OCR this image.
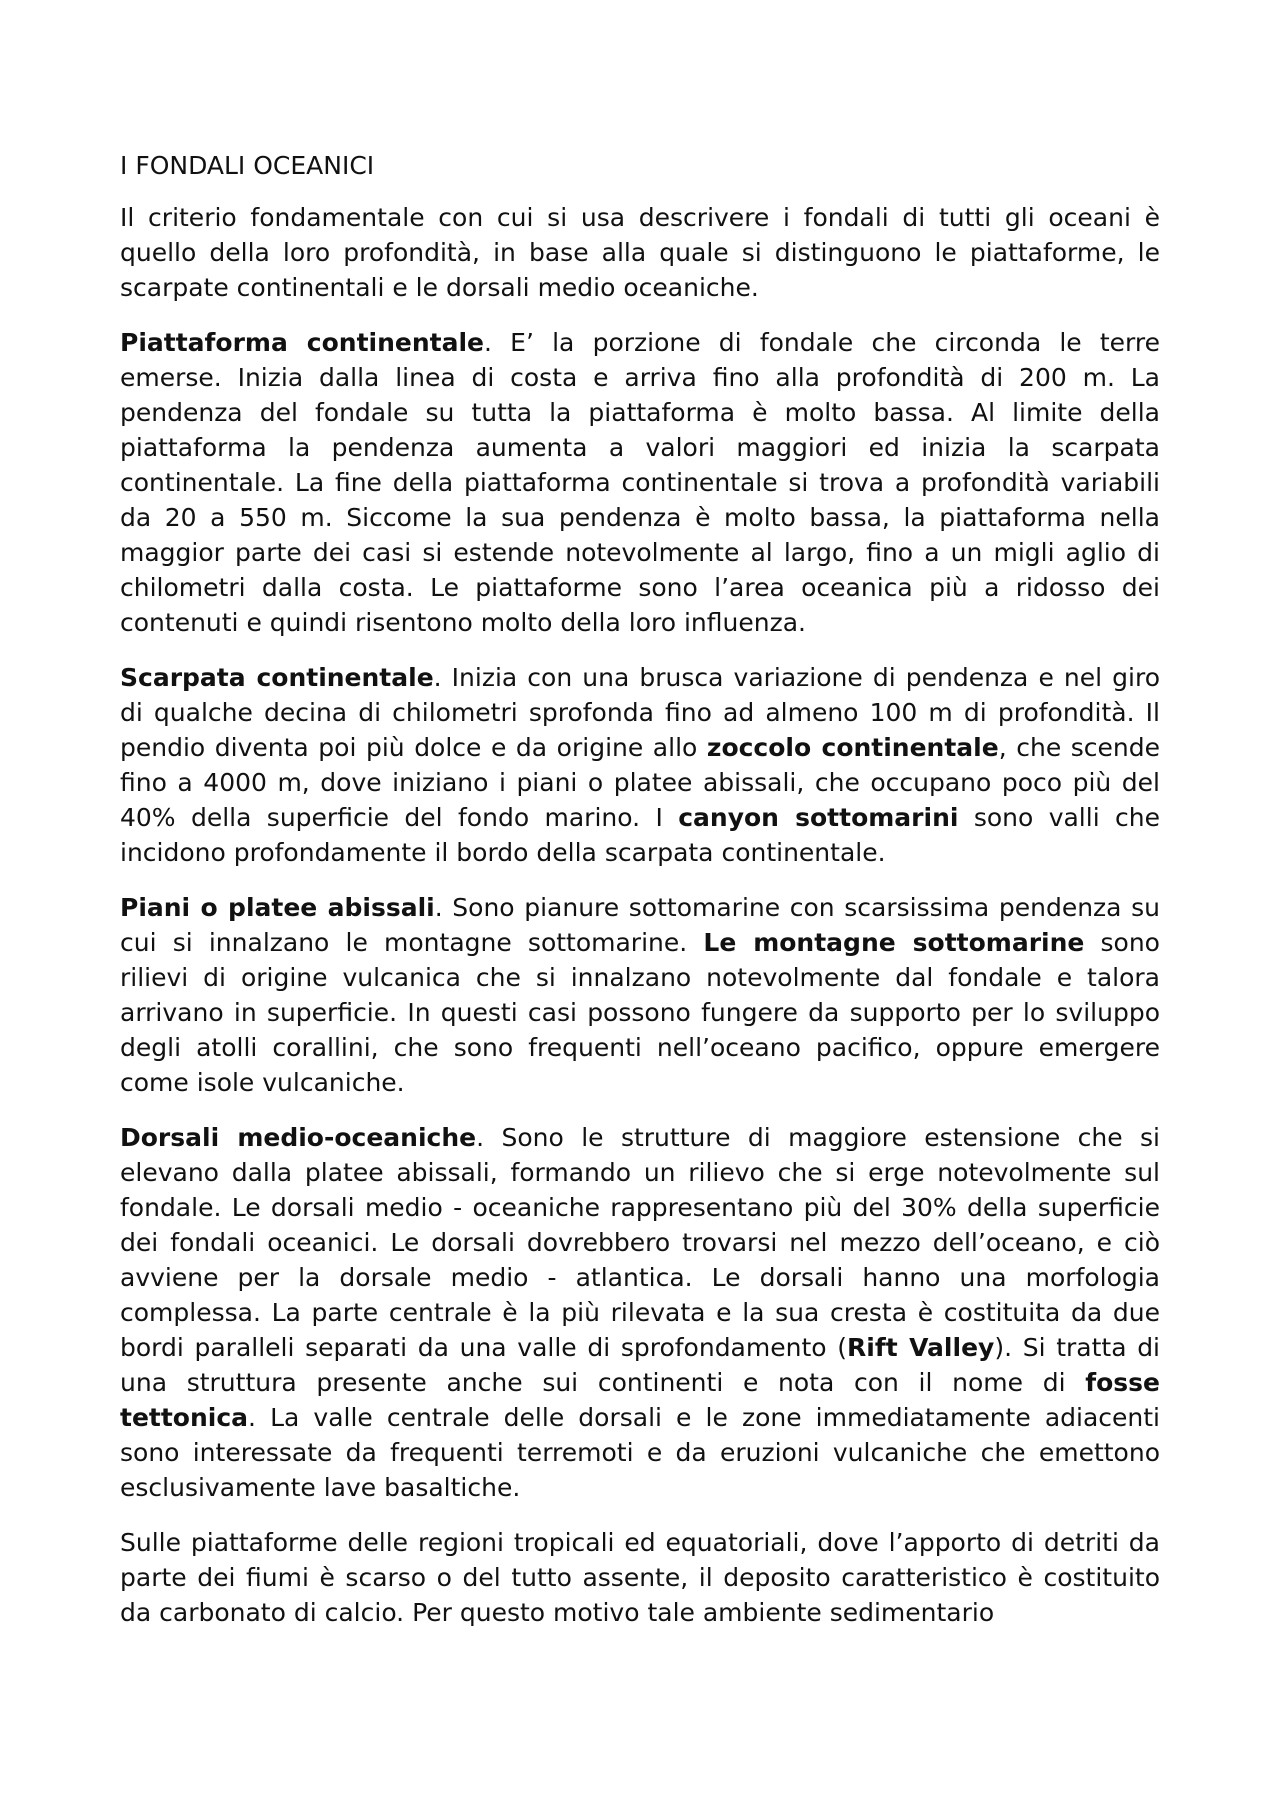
I FONDALI OCEANICI

Il criterio fondamentale con cui si usa descrivere i fondali di tutti gli oceani è quello della loro profondità, in base alla quale si distinguono le piattaforme, le scarpate continentali e le dorsali medio oceaniche.

Piattaforma continentale. E’ la porzione di fondale che circonda le terre emerse. Inizia dalla linea di costa e arriva fino alla profondità di 200 m. La pendenza del fondale su tutta la piattaforma è molto bassa. Al limite della piattaforma la pendenza aumenta a valori maggiori ed inizia la scarpata continentale. La fine della piattaforma continentale si trova a profondità variabili da 20 a 550 m. Siccome la sua pendenza è molto bassa, la piattaforma nella maggior parte dei casi si estende notevolmente al largo, fino a un migli aglio di chilometri dalla costa. Le piattaforme sono l’area oceanica più a ridosso dei contenuti e quindi risentono molto della loro influenza.

Scarpata continentale. Inizia con una brusca variazione di pendenza e nel giro di qualche decina di chilometri sprofonda fino ad almeno 100 m di profondità. Il pendio diventa poi più dolce e da origine allo zoccolo continentale, che scende fino a 4000 m, dove iniziano i piani o platee abissali, che occupano poco più del 40% della superficie del fondo marino. I canyon sottomarini sono valli che incidono profondamente il bordo della scarpata continentale.

Piani o platee abissali. Sono pianure sottomarine con scarsissima pendenza su cui si innalzano le montagne sottomarine. Le montagne sottomarine sono rilievi di origine vulcanica che si innalzano notevolmente dal fondale e talora arrivano in superficie. In questi casi possono fungere da supporto per lo sviluppo degli atolli corallini, che sono frequenti nell’oceano pacifico, oppure emergere come isole vulcaniche.

Dorsali medio-oceaniche. Sono le strutture di maggiore estensione che si elevano dalla platee abissali, formando un rilievo che si erge notevolmente sul fondale. Le dorsali medio - oceaniche rappresentano più del 30% della superficie dei fondali oceanici. Le dorsali dovrebbero trovarsi nel mezzo dell’oceano, e ciò avviene per la dorsale medio - atlantica. Le dorsali hanno una morfologia complessa. La parte centrale è la più rilevata e la sua cresta è costituita da due bordi paralleli separati da una valle di sprofondamento (Rift Valley). Si tratta di una struttura presente anche sui continenti e nota con il nome di fosse tettonica. La valle centrale delle dorsali e le zone immediatamente adiacenti sono interessate da frequenti terremoti e da eruzioni vulcaniche che emettono esclusivamente lave basaltiche.

Sulle piattaforme delle regioni tropicali ed equatoriali, dove l’apporto di detriti da parte dei fiumi è scarso o del tutto assente, il deposito caratteristico è costituito da carbonato di calcio. Per questo motivo tale ambiente sedimentario
